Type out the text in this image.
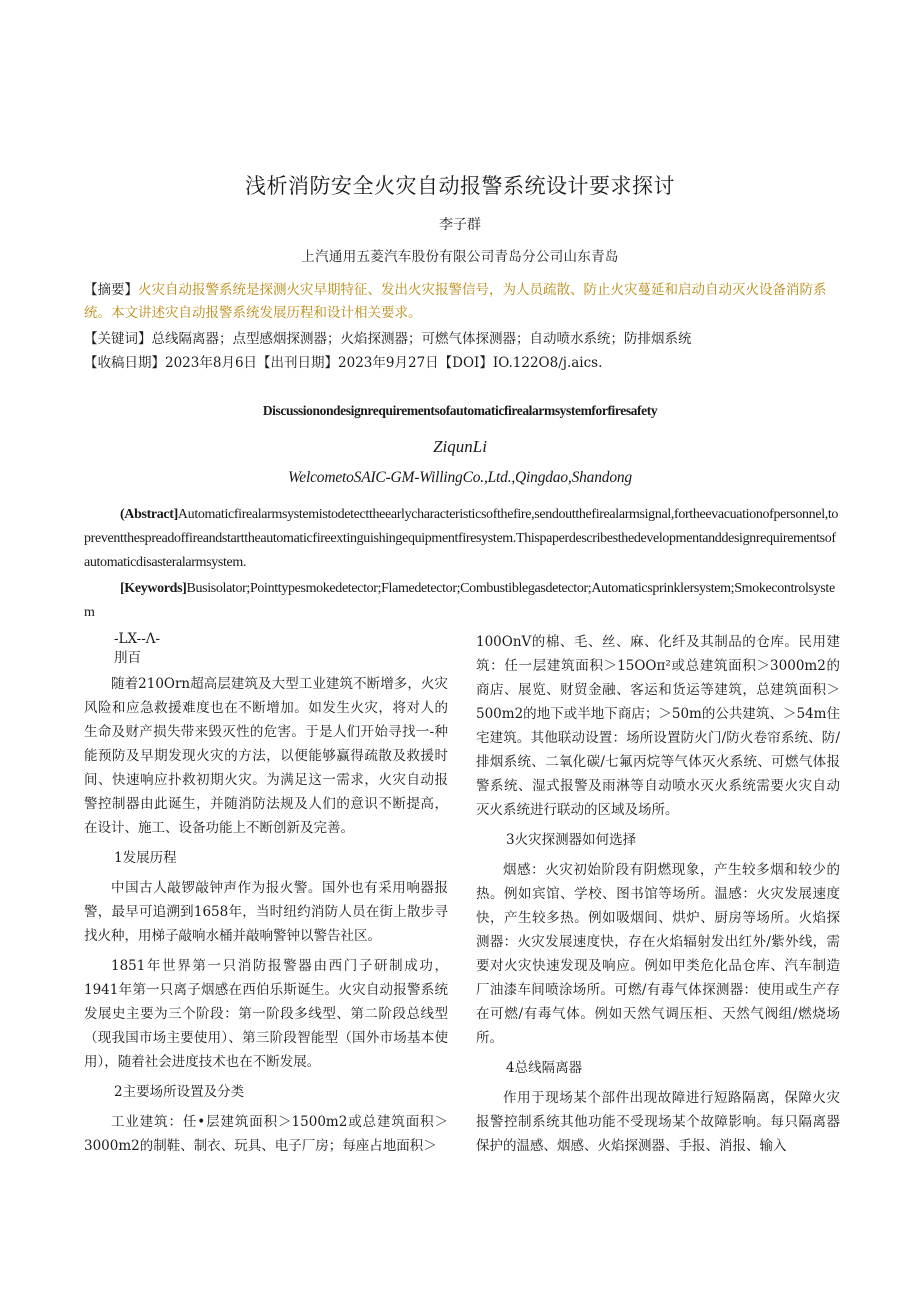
浅析消防安全火灾自动报警系统设计要求探讨
李子群
上汽通用五菱汽车股份有限公司青岛分公司山东青岛
【摘要】火灾自动报警系统是探测火灾早期特征、发出火灾报警信号，为人员疏散、防止火灾蔓延和启动自动灭火设备消防系统。本文讲述灾自动报警系统发展历程和设计相关要求。
【关键词】总线隔离器；点型感烟探测器；火焰探测器；可燃气体探测器；自动喷水系统；防排烟系统
【收稿日期】2023年8月6日【出刊日期】2023年9月27日【DOI】IO.122O8∕j.aics.
Discussionondesignrequirementsofautomaticfirealarmsystemforfiresafety
ZiqunLi
WelcometoSAIC-GM-WillingCo.,Ltd.,Qingdao,Shandong
(Abstract]Automaticfirealarmsystemistodetecttheearlycharacteristicsofthefire,sendoutthefirealarmsignal,fortheevacuationofpersonnel,topreventthespreadoffireandstarttheautomaticfireextinguishingequipmentfiresystem.Thispaperdescribesthedevelopmentanddesignrequirementsofautomaticdisasteralarmsystem.
[Keywords]Busisolator;Pointtypesmokedetector;Flamedetector;Combustiblegasdetector;Automaticsprinklersystem;Smokecontrolsystem

-LX--Λ-

刖百

随着210Orn超高层建筑及大型工业建筑不断增多，火灾风险和应急救援难度也在不断增加。如发生火灾，将对人的生命及财产损失带来毁灭性的危害。于是人们开始寻找一-种能预防及早期发现火灾的方法，以便能够赢得疏散及救援时间、快速响应扑救初期火灾。为满足这一需求，火灾自动报警控制器由此诞生，并随消防法规及人们的意识不断提高，在设计、施工、设备功能上不断创新及完善。

1发展历程

中国古人敲锣敲钟声作为报火警。国外也有采用响器报警，最早可追溯到1658年，当时纽约消防人员在街上散步寻找火种，用梯子敲响水桶并敲响警钟以警告社区。

1851年世界第一只消防报警器由西门子研制成功，1941年第一只离子烟感在西伯乐斯诞生。火灾自动报警系统发展史主要为三个阶段：第一阶段多线型、第二阶段总线型（现我国市场主要使用）、第三阶段智能型（国外市场基本使用），随着社会进度技术也在不断发展。

2主要场所设置及分类

工业建筑：任•层建筑面积＞1500m2或总建筑面积＞3000m2的制鞋、制衣、玩具、电子厂房；每座占地面积＞

100OnV的棉、毛、丝、麻、化纤及其制品的仓库。民用建筑：任一层建筑面积＞15OOπ²或总建筑面积＞3000m2的商店、展览、财贸金融、客运和货运等建筑，总建筑面积＞500m2的地下或半地下商店；＞50m的公共建筑、＞54m住宅建筑。其他联动设置：场所设置防火门/防火卷帘系统、防/排烟系统、二氧化碳/七氟丙烷等气体灭火系统、可燃气体报警系统、湿式报警及雨淋等自动喷水灭火系统需要火灾自动灭火系统进行联动的区域及场所。

3火灾探测器如何选择

烟感：火灾初始阶段有阴燃现象，产生较多烟和较少的热。例如宾馆、学校、图书馆等场所。温感：火灾发展速度快，产生较多热。例如吸烟间、烘炉、厨房等场所。火焰探测器：火灾发展速度快，存在火焰辐射发出红外/紫外线，需要对火灾快速发现及响应。例如甲类危化品仓库、汽车制造厂油漆车间喷涂场所。可燃/有毒气体探测器：使用或生产存在可燃/有毒气体。例如天然气调压柜、天然气阀组/燃烧场所。

4总线隔离器

作用于现场某个部件出现故障进行短路隔离，保障火灾报警控制系统其他功能不受现场某个故障影响。每只隔离器保护的温感、烟感、火焰探测器、手报、消报、输入
